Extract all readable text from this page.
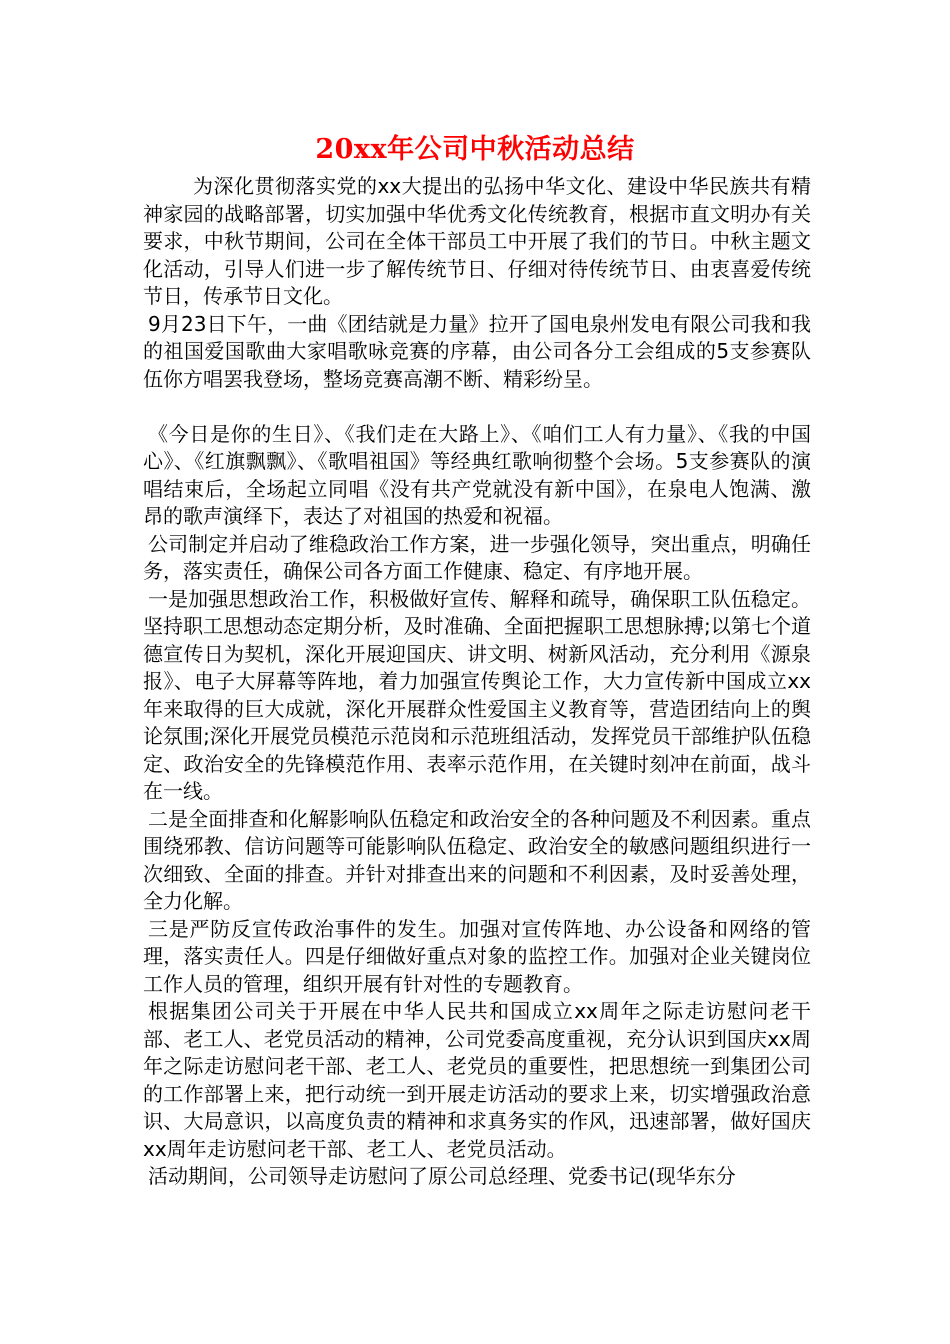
20xx年公司中秋活动总结

为深化贯彻落实党的xx大提出的弘扬中华文化、建设中华民族共有精神家园的战略部署，切实加强中华优秀文化传统教育，根据市直文明办有关要求，中秋节期间，公司在全体干部员工中开展了我们的节日。中秋主题文化活动，引导人们进一步了解传统节日、仔细对待传统节日、由衷喜爱传统节日，传承节日文化。

9月23日下午，一曲《团结就是力量》拉开了国电泉州发电有限公司我和我的祖国爱国歌曲大家唱歌咏竞赛的序幕，由公司各分工会组成的5支参赛队伍你方唱罢我登场，整场竞赛高潮不断、精彩纷呈。

《今日是你的生日》、《我们走在大路上》、《咱们工人有力量》、《我的中国心》、《红旗飘飘》、《歌唱祖国》等经典红歌响彻整个会场。5支参赛队的演唱结束后，全场起立同唱《没有共产党就没有新中国》，在泉电人饱满、激昂的歌声演绎下，表达了对祖国的热爱和祝福。

公司制定并启动了维稳政治工作方案，进一步强化领导，突出重点，明确任务，落实责任，确保公司各方面工作健康、稳定、有序地开展。

一是加强思想政治工作，积极做好宣传、解释和疏导，确保职工队伍稳定。坚持职工思想动态定期分析，及时准确、全面把握职工思想脉搏;以第七个道德宣传日为契机，深化开展迎国庆、讲文明、树新风活动，充分利用《源泉报》、电子大屏幕等阵地，着力加强宣传舆论工作，大力宣传新中国成立xx年来取得的巨大成就，深化开展群众性爱国主义教育等，营造团结向上的舆论氛围;深化开展党员模范示范岗和示范班组活动，发挥党员干部维护队伍稳定、政治安全的先锋模范作用、表率示范作用，在关键时刻冲在前面，战斗在一线。

二是全面排查和化解影响队伍稳定和政治安全的各种问题及不利因素。重点围绕邪教、信访问题等可能影响队伍稳定、政治安全的敏感问题组织进行一次细致、全面的排查。并针对排查出来的问题和不利因素，及时妥善处理，全力化解。

三是严防反宣传政治事件的发生。加强对宣传阵地、办公设备和网络的管理，落实责任人。四是仔细做好重点对象的监控工作。加强对企业关键岗位工作人员的管理，组织开展有针对性的专题教育。

根据集团公司关于开展在中华人民共和国成立xx周年之际走访慰问老干部、老工人、老党员活动的精神，公司党委高度重视，充分认识到国庆xx周年之际走访慰问老干部、老工人、老党员的重要性，把思想统一到集团公司的工作部署上来，把行动统一到开展走访活动的要求上来，切实增强政治意识、大局意识，以高度负责的精神和求真务实的作风，迅速部署，做好国庆xx周年走访慰问老干部、老工人、老党员活动。

活动期间，公司领导走访慰问了原公司总经理、党委书记(现华东分
